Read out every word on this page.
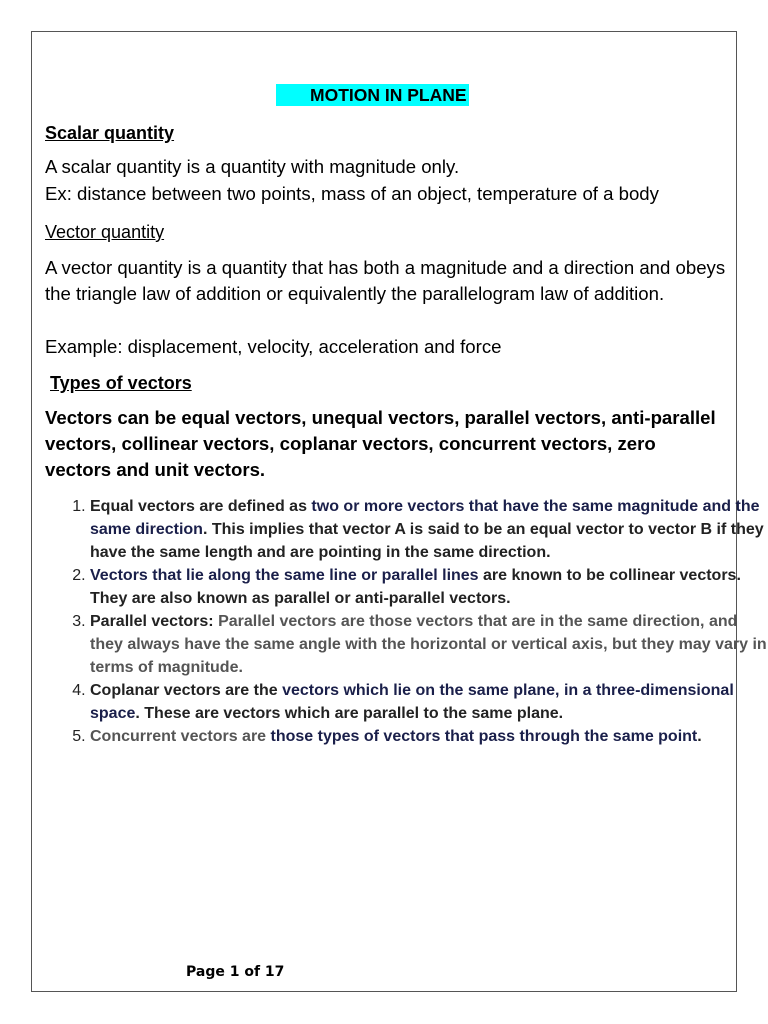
MOTION IN PLANE
Scalar quantity

A scalar quantity is a quantity with magnitude only.

Ex: distance between two points, mass of an object, temperature of a body

Vector quantity

A vector quantity is a quantity that has both a magnitude and a direction and obeys the triangle law of addition or equivalently the parallelogram law of addition.

Example: displacement, velocity, acceleration and force

Types of vectors

Vectors can be equal vectors, unequal vectors, parallel vectors, anti-parallel vectors, collinear vectors, coplanar vectors, concurrent vectors, zero vectors and unit vectors.

1. Equal vectors are defined as two or more vectors that have the same magnitude and the same direction. This implies that vector A is said to be an equal vector to vector B if they have the same length and are pointing in the same direction.
2. Vectors that lie along the same line or parallel lines are known to be collinear vectors. They are also known as parallel or anti-parallel vectors.
3. Parallel vectors: Parallel vectors are those vectors that are in the same direction, and they always have the same angle with the horizontal or vertical axis, but they may vary in terms of magnitude.
4. Coplanar vectors are the vectors which lie on the same plane, in a three-dimensional space. These are vectors which are parallel to the same plane.
5. Concurrent vectors are those types of vectors that pass through the same point.
Page 1 of 17
